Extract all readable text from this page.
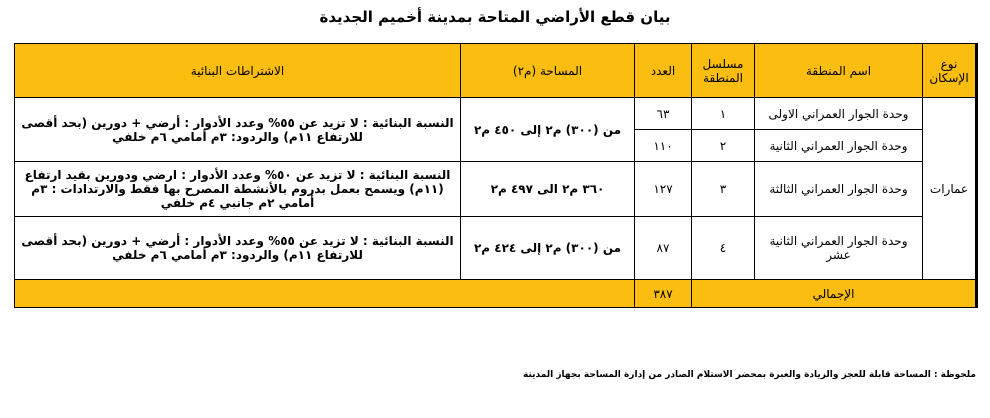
بيان قطع الأراضي المتاحة بمدينة أخميم الجديدة
نوع الإسكان	اسم المنطقة	مسلسل المنطقة	العدد	المساحة (م٢)	الاشتراطات البنائية
عمارات	وحدة الجوار العمراني الاولى	١	٦٣	من (٣٠٠) م٢ إلى ٤٥٠ م٢	النسبة البنائية : لا تزيد عن ٥٥% وعدد الأدوار : أرضي + دورين (بحد أقصى للارتفاع ١١م) والردود: ٣م أمامي ٦م خلفي
	وحدة الجوار العمراني الثانية	٢	١١٠		
	وحدة الجوار العمراني الثالثة	٣	١٢٧	٣٦٠ م٢ الى ٤٩٧ م٢	النسبة البنائية : لا تزيد عن ٥٠% وعدد الأدوار : ارضي ودورين بقيد ارتفاع (١١م) ويسمح بعمل بدروم بالأنشطة المصرح بها فقط والارتدادات : ٣م أمامي ٢م جانبي ٤م خلفي
	وحدة الجوار العمراني الثانية عشر	٤	٨٧	من (٣٠٠) م٢ إلى ٤٢٤ م٢	النسبة البنائية : لا تزيد عن ٥٥% وعدد الأدوار : أرضي + دورين (بحد أقصى للارتفاع ١١م) والردود: ٣م أمامي ٦م خلفي
الإجمالي			٣٨٧		
ملحوظة : المساحة قابلة للعجز والزيادة والعبرة بمحضر الاستلام الصادر من إدارة المساحة بجهاز المدينة
